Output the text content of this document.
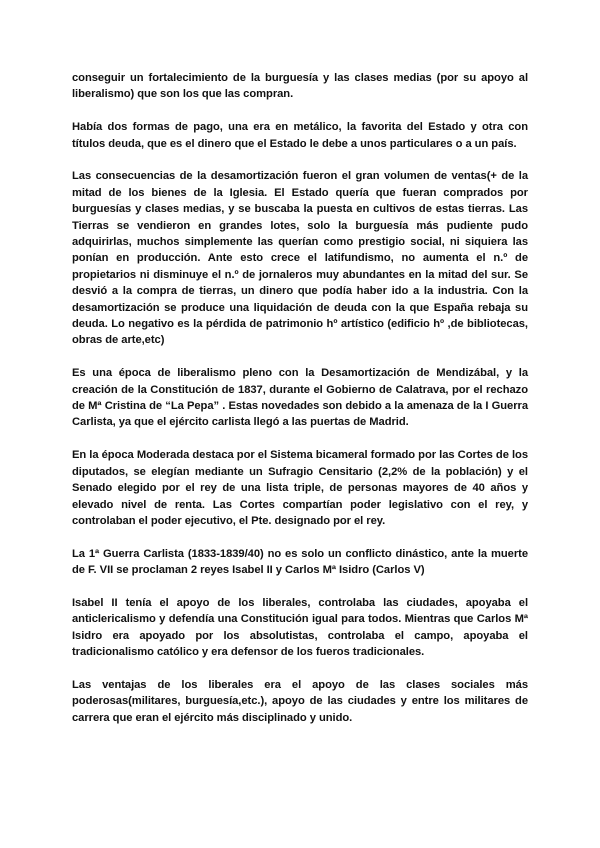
conseguir un fortalecimiento de la burguesía y las clases medias (por su apoyo al liberalismo) que son los que las compran.

Había dos formas de pago, una era en metálico, la favorita del Estado y otra con títulos deuda, que es el dinero que el Estado le debe a unos particulares o a un país.

Las consecuencias de la desamortización fueron el gran volumen de ventas(+ de la mitad de los bienes de la Iglesia. El Estado quería que fueran comprados por burguesías y clases medias, y se buscaba la puesta en cultivos de estas tierras. Las Tierras se vendieron en grandes lotes, solo la burguesía más pudiente pudo adquirirlas, muchos simplemente las querían como prestigio social, ni siquiera las ponían en producción. Ante esto crece el latifundismo, no aumenta el n.º de propietarios ni disminuye el n.º de jornaleros muy abundantes en la mitad del sur. Se desvió a la compra de tierras, un dinero que podía haber ido a la industria. Con la desamortización se produce una liquidación de deuda con la que España rebaja su deuda. Lo negativo es la pérdida de patrimonio hº artístico (edificio hº ,de bibliotecas, obras de arte,etc)

Es una época de liberalismo pleno con la Desamortización de Mendizábal, y la creación de la Constitución de 1837, durante el Gobierno de Calatrava, por el rechazo de Mª Cristina de “La Pepa” . Estas novedades son debido a la amenaza de la I Guerra Carlista, ya que el ejército carlista llegó a las puertas de Madrid.

En la época Moderada destaca por el Sistema bicameral formado por las Cortes de los diputados, se elegían mediante un Sufragio Censitario (2,2% de la población) y el Senado elegido por el rey de una lista triple, de personas mayores de 40 años y elevado nivel de renta. Las Cortes compartían poder legislativo con el rey, y controlaban el poder ejecutivo, el Pte. designado por el rey.

La 1ª Guerra Carlista (1833-1839/40) no es solo un conflicto dinástico, ante la muerte de F. VII se proclaman 2 reyes Isabel II y Carlos Mª Isidro (Carlos V)

Isabel II tenía el apoyo de los liberales, controlaba las ciudades, apoyaba el anticlericalismo y defendía una Constitución igual para todos. Mientras que Carlos Mª Isidro era apoyado por los absolutistas, controlaba el campo, apoyaba el tradicionalismo católico y era defensor de los fueros tradicionales.

Las ventajas de los liberales era el apoyo de las clases sociales más poderosas(militares, burguesía,etc.), apoyo de las ciudades y entre los militares de carrera que eran el ejército más disciplinado y unido.
